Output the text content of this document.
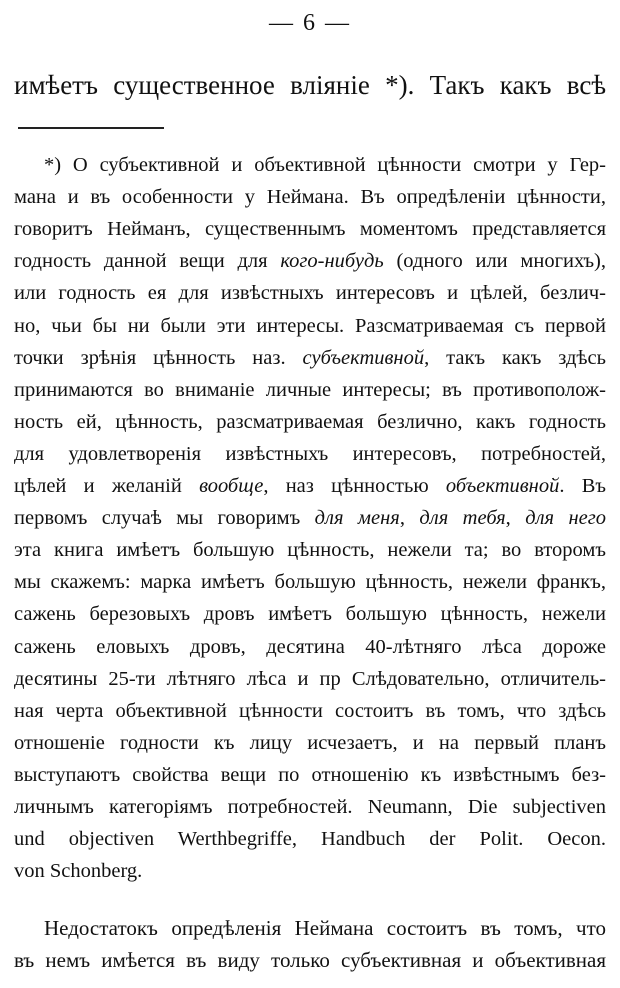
— 6 —
имѣетъ существенное вліяніе *). Такъ какъ всѣ
*) О субъективной и объективной цѣнности смотри у Гер-
мана и въ особенности у Неймана. Въ опредѣленіи цѣнности,
говоритъ Нейманъ, существеннымъ моментомъ представляется
годность данной вещи для кого-нибудь (одного или многихъ),
или годность ея для извѣстныхъ интересовъ и цѣлей, безлич-
но, чьи бы ни были эти интересы. Разсматриваемая съ первой
точки зрѣнія цѣнность наз. субъективной, такъ какъ здѣсь
принимаются во вниманіе личные интересы; въ противополож-
ность ей, цѣнность, разсматриваемая безлично, какъ годность
для удовлетворенія извѣстныхъ интересовъ, потребностей,
цѣлей и желаній вообще, наз цѣнностью объективной. Въ
первомъ случаѣ мы говоримъ для меня, для тебя, для него
эта книга имѣетъ большую цѣнность, нежели та; во второмъ
мы скажемъ: марка имѣетъ большую цѣнность, нежели франкъ,
сажень березовыхъ дровъ имѣетъ большую цѣнность, нежели
сажень еловыхъ дровъ, десятина 40-лѣтняго лѣса дороже
десятины 25-ти лѣтняго лѣса и пр Слѣдовательно, отличитель-
ная черта объективной цѣнности состоитъ въ томъ, что здѣсь
отношеніе годности къ лицу исчезаетъ, и на первый планъ
выступаютъ свойства вещи по отношенію къ извѣстнымъ без-
личнымъ категоріямъ потребностей. Neumann, Die subjectiven
und objectiven Werthbegriffe, Handbuch der Polit. Oecon.
von Schonberg.
Недостатокъ опредѣленія Неймана состоитъ въ томъ, что
въ немъ имѣется въ виду только субъективная и объективная
